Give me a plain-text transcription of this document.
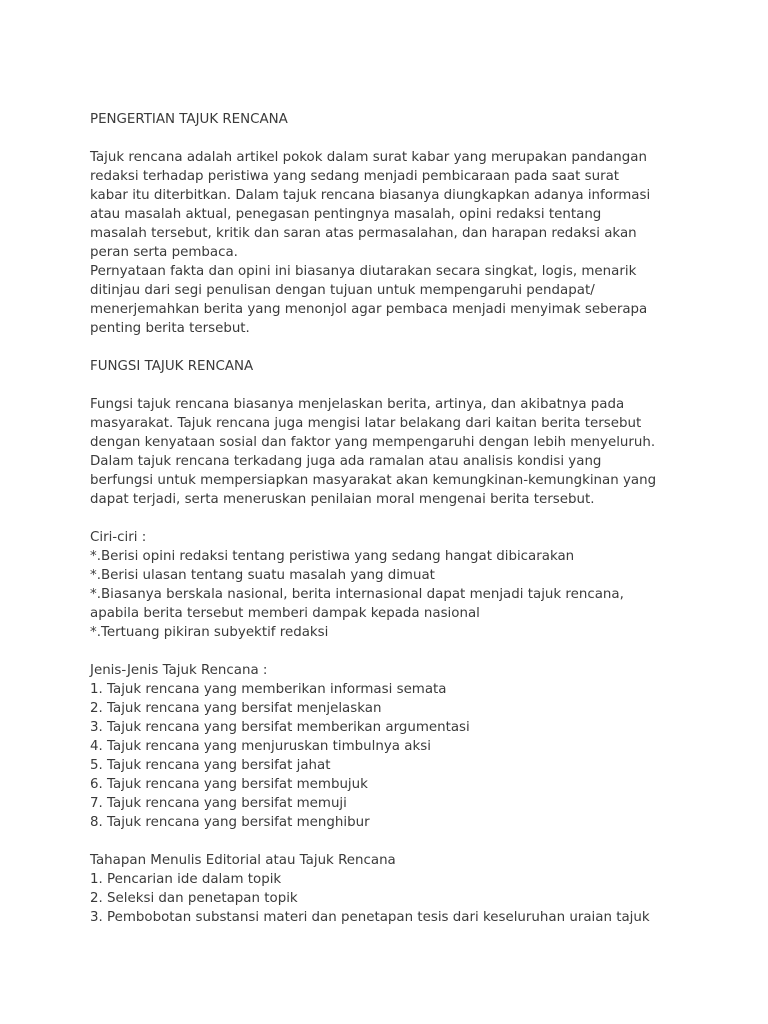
PENGERTIAN TAJUK RENCANA
Tajuk rencana adalah artikel pokok dalam surat kabar yang merupakan pandangan
redaksi terhadap peristiwa yang sedang menjadi pembicaraan pada saat surat
kabar itu diterbitkan. Dalam tajuk rencana biasanya diungkapkan adanya informasi
atau masalah aktual, penegasan pentingnya masalah, opini redaksi tentang
masalah tersebut, kritik dan saran atas permasalahan, dan harapan redaksi akan
peran serta pembaca.
Pernyataan fakta dan opini ini biasanya diutarakan secara singkat, logis, menarik
ditinjau dari segi penulisan dengan tujuan untuk mempengaruhi pendapat/
menerjemahkan berita yang menonjol agar pembaca menjadi menyimak seberapa
penting berita tersebut.
FUNGSI TAJUK RENCANA
Fungsi tajuk rencana biasanya menjelaskan berita, artinya, dan akibatnya pada
masyarakat. Tajuk rencana juga mengisi latar belakang dari kaitan berita tersebut
dengan kenyataan sosial dan faktor yang mempengaruhi dengan lebih menyeluruh.
Dalam tajuk rencana terkadang juga ada ramalan atau analisis kondisi yang
berfungsi untuk mempersiapkan masyarakat akan kemungkinan-kemungkinan yang
dapat terjadi, serta meneruskan penilaian moral mengenai berita tersebut.
Ciri-ciri :
*.Berisi opini redaksi tentang peristiwa yang sedang hangat dibicarakan
*.Berisi ulasan tentang suatu masalah yang dimuat
*.Biasanya berskala nasional, berita internasional dapat menjadi tajuk rencana,
apabila berita tersebut memberi dampak kepada nasional
*.Tertuang pikiran subyektif redaksi
Jenis-Jenis Tajuk Rencana :
1. Tajuk rencana yang memberikan informasi semata
2. Tajuk rencana yang bersifat menjelaskan
3. Tajuk rencana yang bersifat memberikan argumentasi
4. Tajuk rencana yang menjuruskan timbulnya aksi
5. Tajuk rencana yang bersifat jahat
6. Tajuk rencana yang bersifat membujuk
7. Tajuk rencana yang bersifat memuji
8. Tajuk rencana yang bersifat menghibur
Tahapan Menulis Editorial atau Tajuk Rencana
1. Pencarian ide dalam topik
2. Seleksi dan penetapan topik
3. Pembobotan substansi materi dan penetapan tesis dari keseluruhan uraian tajuk
